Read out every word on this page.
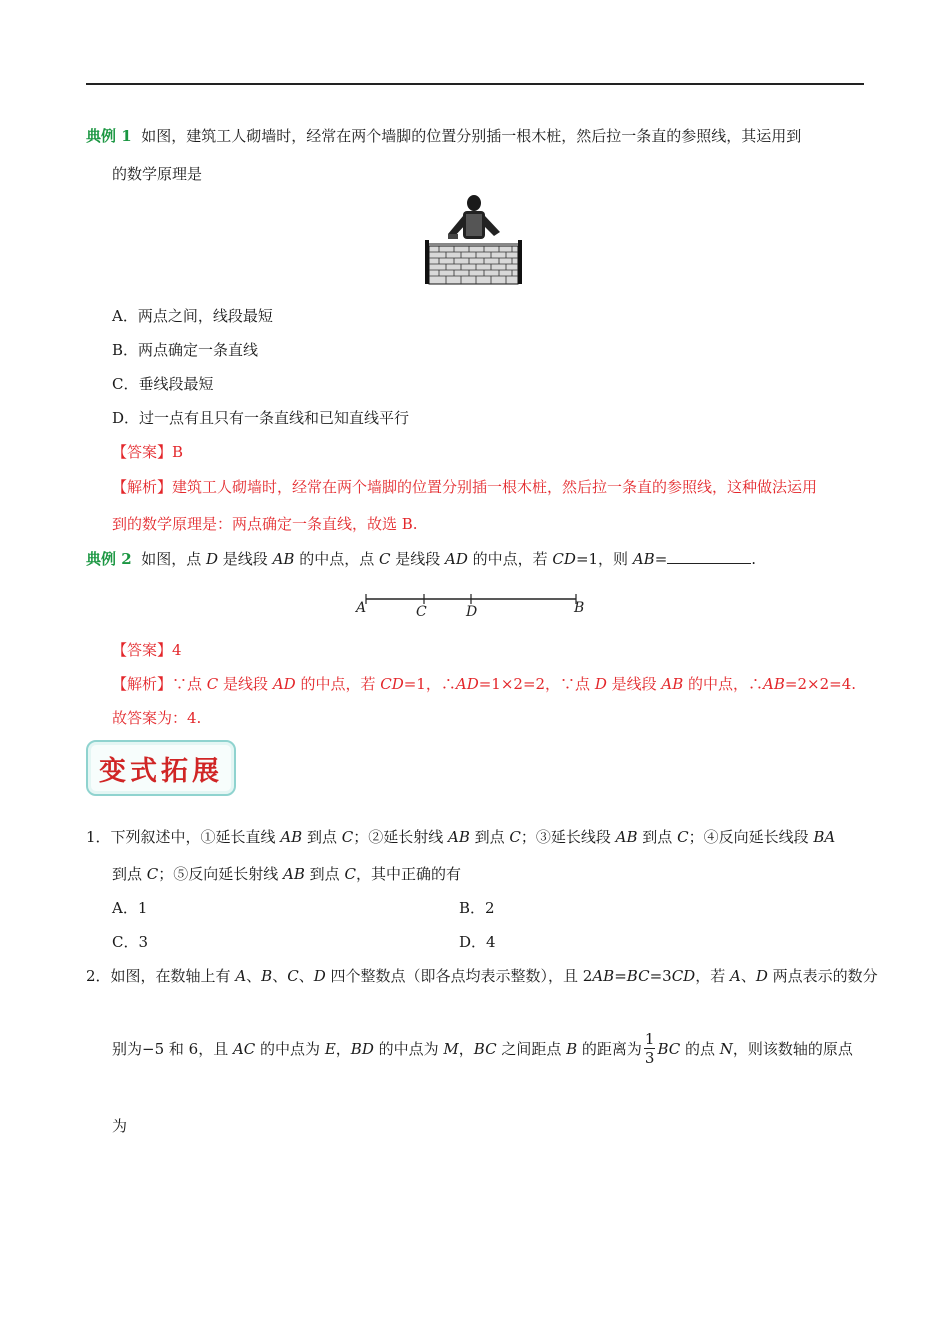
典例 1 如图，建筑工人砌墙时，经常在两个墙脚的位置分别插一根木桩，然后拉一条直的参照线，其运用到
的数学原理是
A．两点之间，线段最短
B．两点确定一条直线
C．垂线段最短
D．过一点有且只有一条直线和已知直线平行
【答案】B
【解析】建筑工人砌墙时，经常在两个墙脚的位置分别插一根木桩，然后拉一条直的参照线，这种做法运用
到的数学原理是：两点确定一条直线，故选 B.
典例 2 如图，点 D 是线段 AB 的中点，点 C 是线段 AD 的中点，若 CD=1，则 AB=	.
A	C	D	B
【答案】4
【解析】∵点 C 是线段 AD 的中点，若 CD=1，∴AD=1×2=2，∵点 D 是线段 AB 的中点，∴AB=2×2=4.
故答案为：4.
变式拓展
1．下列叙述中，①延长直线 AB 到点 C；②延长射线 AB 到点 C；③延长线段 AB 到点 C；④反向延长线段 BA
到点 C；⑤反向延长射线 AB 到点 C，其中正确的有
A．1	B．2
C．3	D．4
2．如图，在数轴上有 A、B、C、D 四个整数点（即各点均表示整数），且 2AB=BC=3CD，若 A、D 两点表示的数分
别为−5 和 6，且 AC 的中点为 E，BD 的中点为 M，BC 之间距点 B 的距离为 $\frac{1}{3}$ BC 的点 N，则该数轴的原点
为
